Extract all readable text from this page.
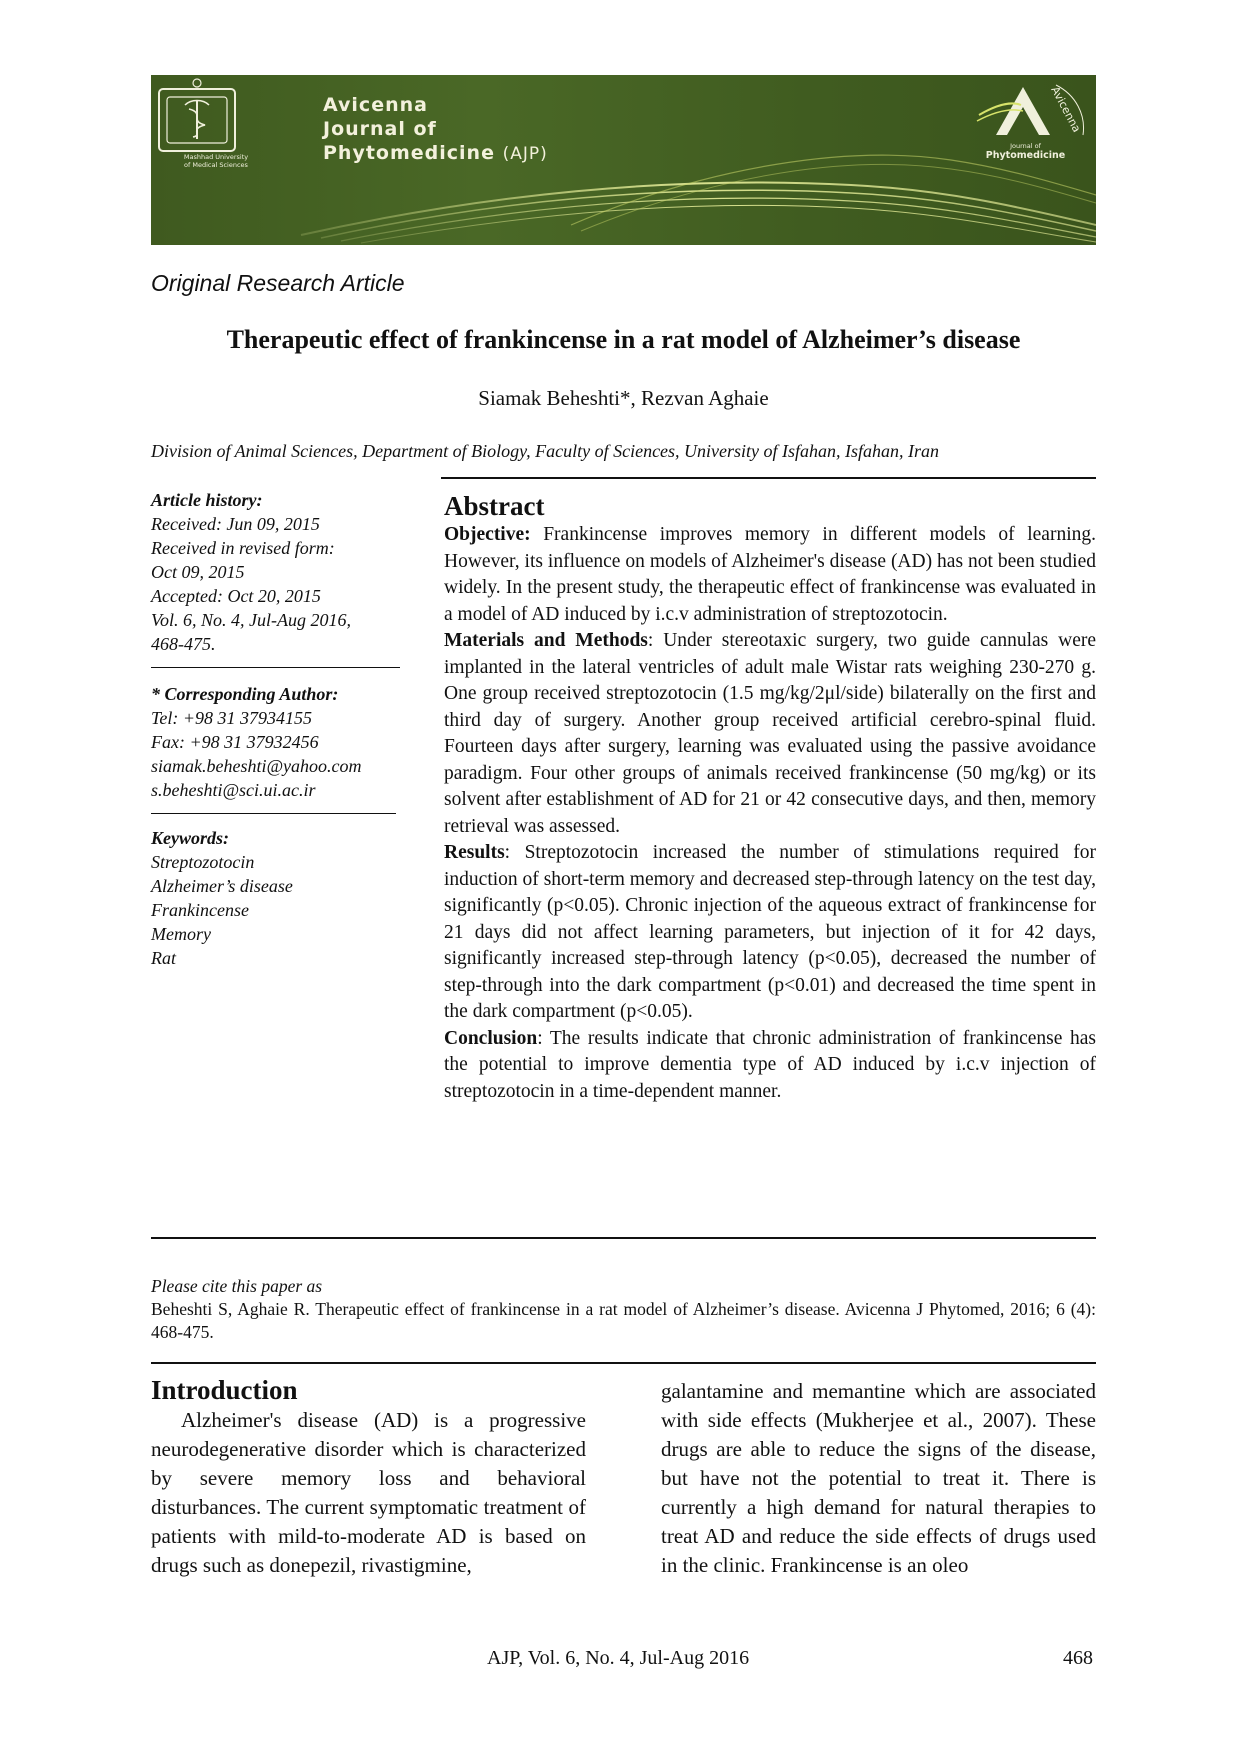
Mashhad University
of Medical Sciences
Avicenna
Journal of
Phytomedicine (AJP)
Avicenna
Journal of
Phytomedicine
Original Research Article
Therapeutic effect of frankincense in a rat model of Alzheimer’s disease
Siamak Beheshti*, Rezvan Aghaie
Division of Animal Sciences, Department of Biology, Faculty of Sciences, University of Isfahan, Isfahan, Iran
Article history:
Received: Jun 09, 2015
Received in revised form:
Oct 09, 2015
Accepted: Oct 20, 2015
Vol. 6, No. 4, Jul-Aug 2016,
468-475.
* Corresponding Author:
Tel: +98 31 37934155
Fax: +98 31 37932456
siamak.beheshti@yahoo.com
s.beheshti@sci.ui.ac.ir
Keywords:
Streptozotocin
Alzheimer’s disease
Frankincense
Memory
Rat
Abstract

Objective: Frankincense improves memory in different models of learning. However, its influence on models of Alzheimer's disease (AD) has not been studied widely. In the present study, the therapeutic effect of frankincense was evaluated in a model of AD induced by i.c.v administration of streptozotocin.

Materials and Methods: Under stereotaxic surgery, two guide cannulas were implanted in the lateral ventricles of adult male Wistar rats weighing 230-270 g. One group received streptozotocin (1.5 mg/kg/2μl/side) bilaterally on the first and third day of surgery. Another group received artificial cerebro-spinal fluid. Fourteen days after surgery, learning was evaluated using the passive avoidance paradigm. Four other groups of animals received frankincense (50 mg/kg) or its solvent after establishment of AD for 21 or 42 consecutive days, and then, memory retrieval was assessed.

Results: Streptozotocin increased the number of stimulations required for induction of short-term memory and decreased step-through latency on the test day, significantly (p<0.05). Chronic injection of the aqueous extract of frankincense for 21 days did not affect learning parameters, but injection of it for 42 days, significantly increased step-through latency (p<0.05), decreased the number of step-through into the dark compartment (p<0.01) and decreased the time spent in the dark compartment (p<0.05).

Conclusion: The results indicate that chronic administration of frankincense has the potential to improve dementia type of AD induced by i.c.v injection of streptozotocin in a time-dependent manner.

Please cite this paper as
Beheshti S, Aghaie R. Therapeutic effect of frankincense in a rat model of Alzheimer’s disease. Avicenna J Phytomed, 2016; 6 (4): 468-475.
Introduction

Alzheimer's disease (AD) is a progressive neurodegenerative disorder which is characterized by severe memory loss and behavioral disturbances. The current symptomatic treatment of patients with mild-to-moderate AD is based on drugs such as donepezil, rivastigmine,

galantamine and memantine which are associated with side effects (Mukherjee et al., 2007). These drugs are able to reduce the signs of the disease, but have not the potential to treat it. There is currently a high demand for natural therapies to treat AD and reduce the side effects of drugs used in the clinic. Frankincense is an oleo

AJP, Vol. 6, No. 4, Jul-Aug 2016	468
